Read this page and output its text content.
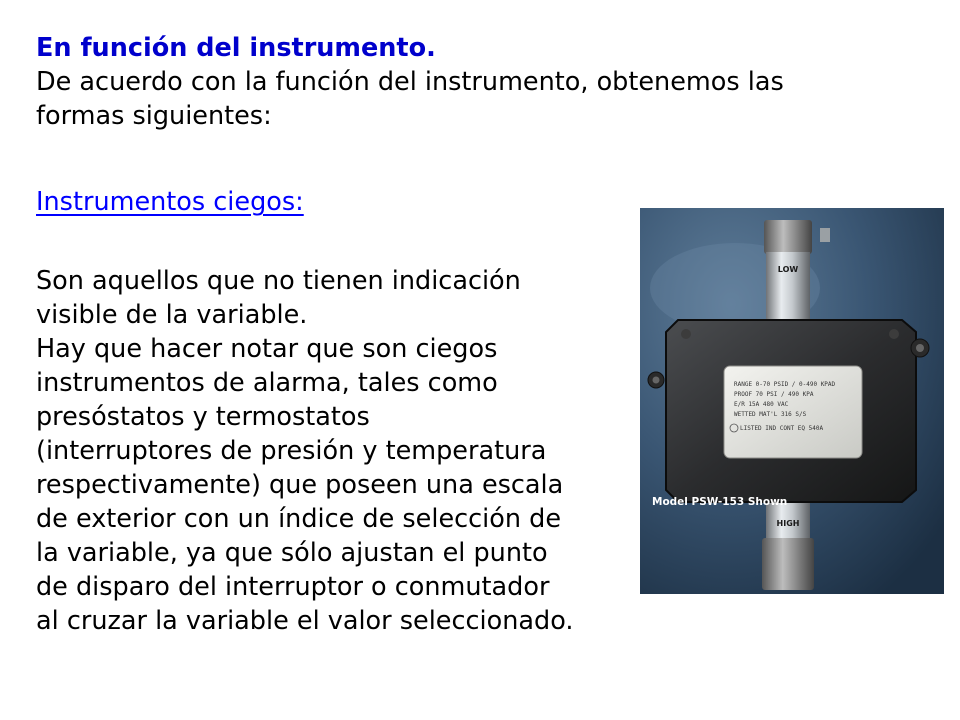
En función del instrumento.

De acuerdo con la función del instrumento, obtenemos las
formas siguientes:

Instrumentos ciegos:

Son aquellos que no tienen indicación
visible de la variable.
Hay que hacer notar que son ciegos
instrumentos de alarma, tales como
presóstatos y termostatos
(interruptores de presión y temperatura
respectivamente) que poseen una escala
de exterior con un índice de selección de
la variable, ya que sólo ajustan el punto
de disparo del interruptor o conmutador
al cruzar la variable el valor seleccionado.

LOW
HIGH
RANGE 0-70 PSID / 0-490 KPAD
PROOF 70 PSI / 490 KPA
E/R 15A 480 VAC
WETTED MAT'L 316 S/S
LISTED IND CONT EQ 540A
Model PSW-153 Shown
